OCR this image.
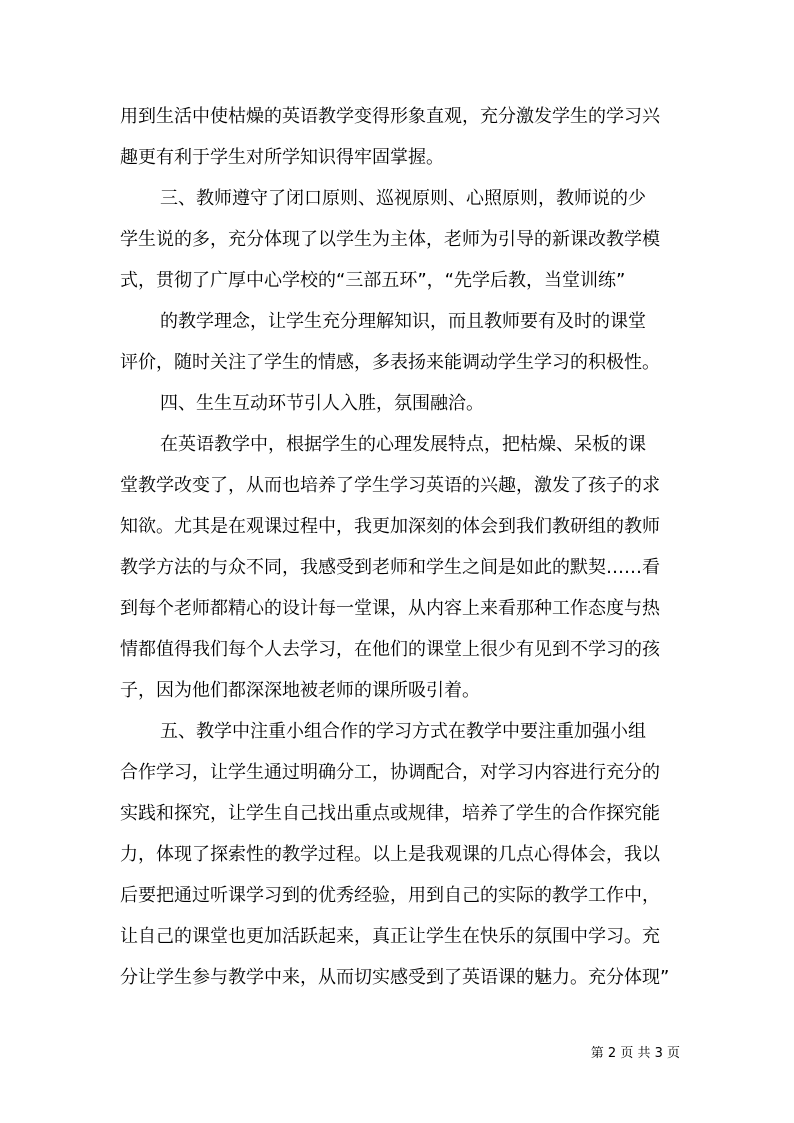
用到生活中使枯燥的英语教学变得形象直观，充分激发学生的学习兴
趣更有利于学生对所学知识得牢固掌握。
三、教师遵守了闭口原则、巡视原则、心照原则，教师说的少
学生说的多，充分体现了以学生为主体，老师为引导的新课改教学模
式，贯彻了广厚中心学校的“三部五环”，“先学后教，当堂训练”
的教学理念，让学生充分理解知识，而且教师要有及时的课堂
评价，随时关注了学生的情感，多表扬来能调动学生学习的积极性。
四、生生互动环节引人入胜，氛围融洽。
在英语教学中，根据学生的心理发展特点，把枯燥、呆板的课
堂教学改变了，从而也培养了学生学习英语的兴趣，激发了孩子的求
知欲。尤其是在观课过程中，我更加深刻的体会到我们教研组的教师
教学方法的与众不同，我感受到老师和学生之间是如此的默契……看
到每个老师都精心的设计每一堂课，从内容上来看那种工作态度与热
情都值得我们每个人去学习，在他们的课堂上很少有见到不学习的孩
子，因为他们都深深地被老师的课所吸引着。
五、教学中注重小组合作的学习方式在教学中要注重加强小组
合作学习，让学生通过明确分工，协调配合，对学习内容进行充分的
实践和探究，让学生自己找出重点或规律，培养了学生的合作探究能
力，体现了探索性的教学过程。以上是我观课的几点心得体会，我以
后要把通过听课学习到的优秀经验，用到自己的实际的教学工作中，
让自己的课堂也更加活跃起来，真正让学生在快乐的氛围中学习。充
分让学生参与教学中来，从而切实感受到了英语课的魅力。充分体现”
第 2 页 共 3 页
